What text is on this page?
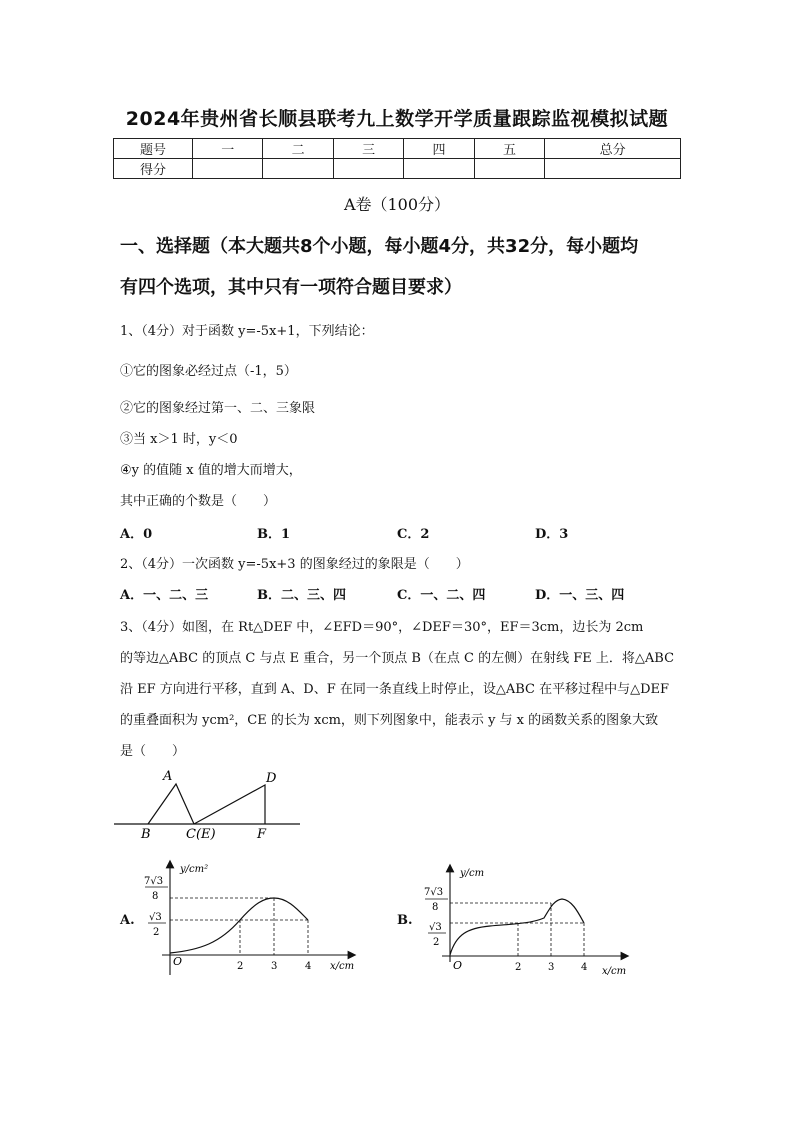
2024年贵州省长顺县联考九上数学开学质量跟踪监视模拟试题
题号	一	二	三	四	五	总分
得分						
A卷（100分）
一、选择题（本大题共8个小题，每小题4分，共32分，每小题均
有四个选项，其中只有一项符合题目要求）
1、（4分）对于函数 y=-5x+1，下列结论：
①它的图象必经过点（-1，5）
②它的图象经过第一、二、三象限
③当 x＞1 时，y＜0
④y 的值随 x 值的增大而增大，
其中正确的个数是（　　）
A．0	B．1	C．2	D．3
2、（4分）一次函数 y=-5x+3 的图象经过的象限是（　　）
A．一、二、三	B．二、三、四	C．一、二、四	D．一、三、四
3、（4分）如图，在 Rt△DEF 中，∠EFD＝90°，∠DEF＝30°，EF＝3cm，边长为 2cm
的等边△ABC 的顶点 C 与点 E 重合，另一个顶点 B（在点 C 的左侧）在射线 FE 上．将△ABC
沿 EF 方向进行平移，直到 A、D、F 在同一条直线上时停止，设△ABC 在平移过程中与△DEF
的重叠面积为 ycm²，CE 的长为 xcm，则下列图象中，能表示 y 与 x 的函数关系的图象大致
是（　　）
A
B	C(E)
D
F
A.
y/cm²
x/cm
O
7√3
8
√3
2
2	3	4
B.
y/cm
x/cm
O
7√3
8
√3
2
2	3	4
